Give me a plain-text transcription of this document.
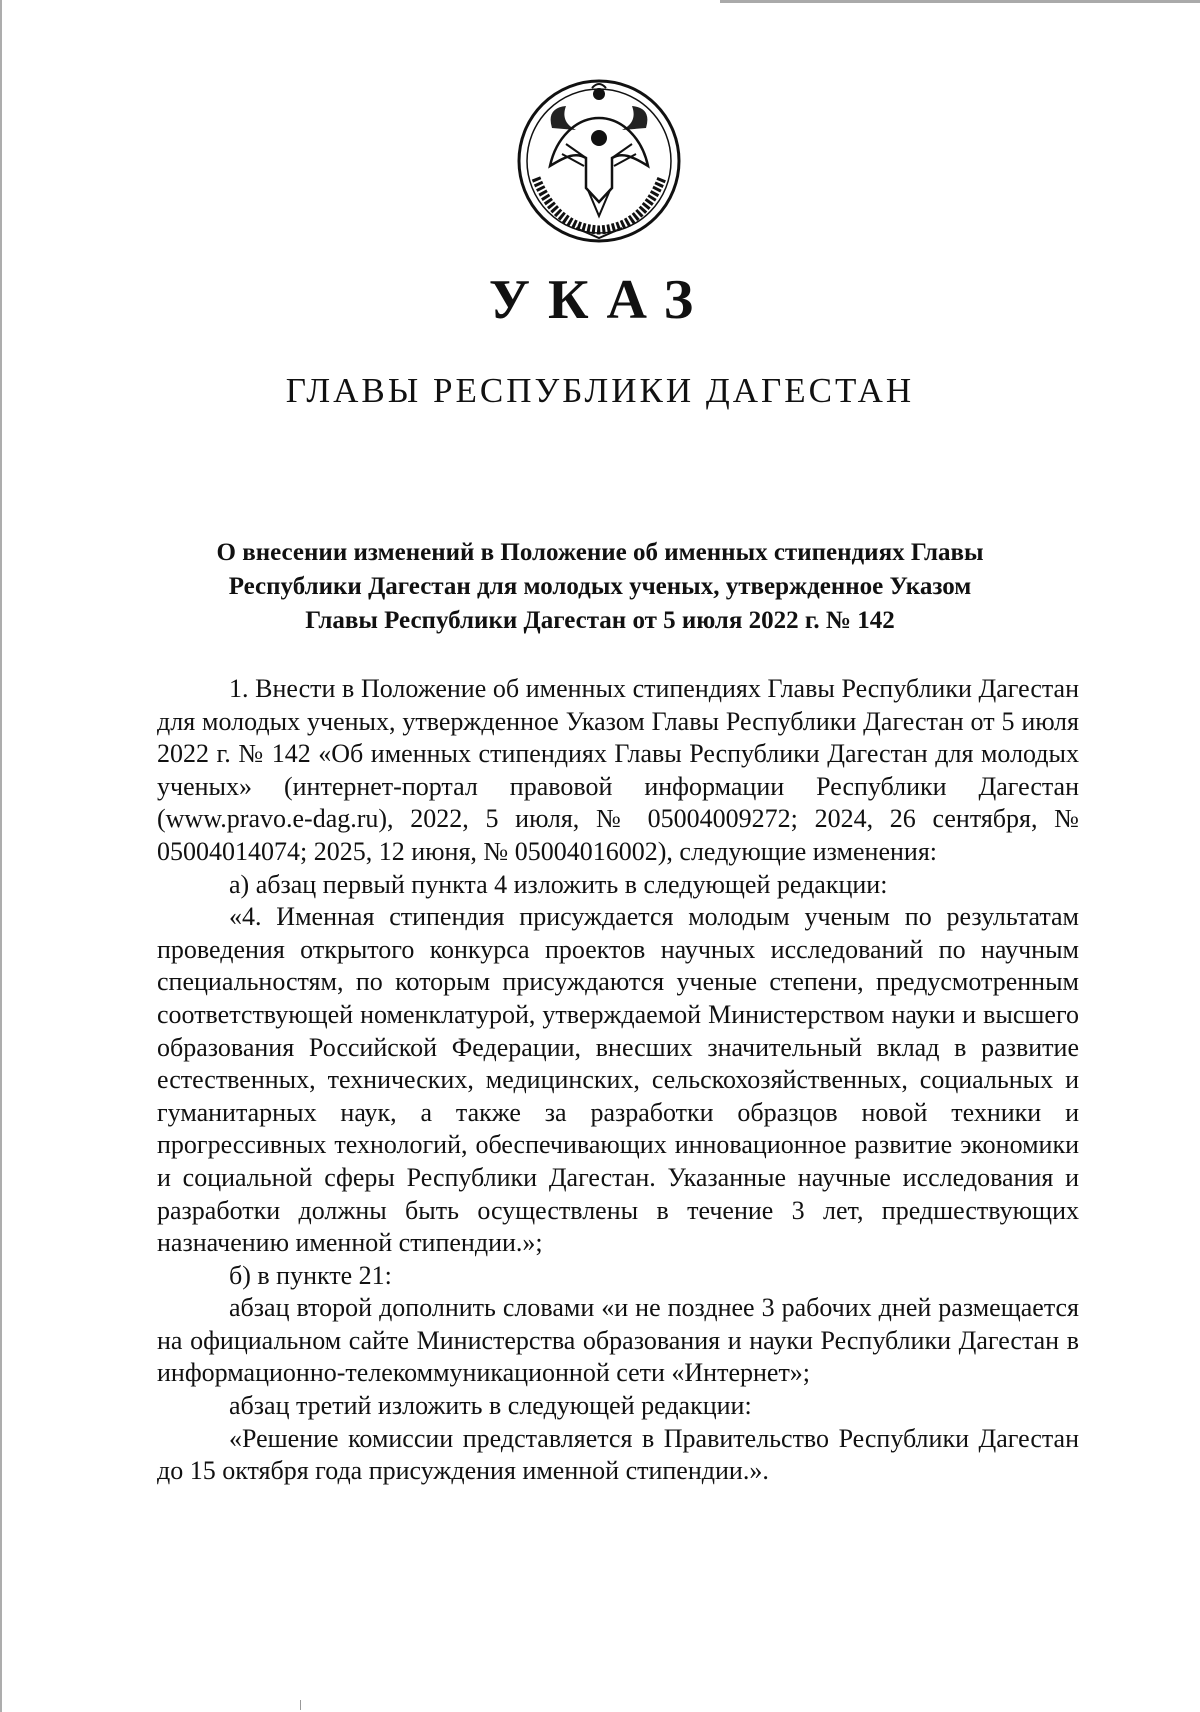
УКАЗ
ГЛАВЫ РЕСПУБЛИКИ ДАГЕСТАН
О внесении изменений в Положение об именных стипендиях Главы
Республики Дагестан для молодых ученых, утвержденное Указом
Главы Республики Дагестан от 5 июля 2022 г. № 142

1. Внести в Положение об именных стипендиях Главы Республики Дагестан для молодых ученых, утвержденное Указом Главы Республики Дагестан от 5 июля 2022 г. № 142 «Об именных стипендиях Главы Республики Дагестан для молодых ученых» (интернет-портал правовой информации Республики Дагестан (www.pravo.e-dag.ru), 2022, 5 июля, № 05004009272; 2024, 26 сентября, № 05004014074; 2025, 12 июня, № 05004016002), следующие изменения:

а) абзац первый пункта 4 изложить в следующей редакции:

«4. Именная стипендия присуждается молодым ученым по результатам проведения открытого конкурса проектов научных исследований по научным специальностям, по которым присуждаются ученые степени, предусмотренным соответствующей номенклатурой, утверждаемой Министерством науки и высшего образования Российской Федерации, внесших значительный вклад в развитие естественных, технических, медицинских, сельскохозяйственных, социальных и гуманитарных наук, а также за разработки образцов новой техники и прогрессивных технологий, обеспечивающих инновационное развитие экономики и социальной сферы Республики Дагестан. Указанные научные исследования и разработки должны быть осуществлены в течение 3 лет, предшествующих назначению именной стипендии.»;

б) в пункте 21:

абзац второй дополнить словами «и не позднее 3 рабочих дней размещается на официальном сайте Министерства образования и науки Республики Дагестан в информационно-телекоммуникационной сети «Интернет»;

абзац третий изложить в следующей редакции:

«Решение комиссии представляется в Правительство Республики Дагестан до 15 октября года присуждения именной стипендии.».
